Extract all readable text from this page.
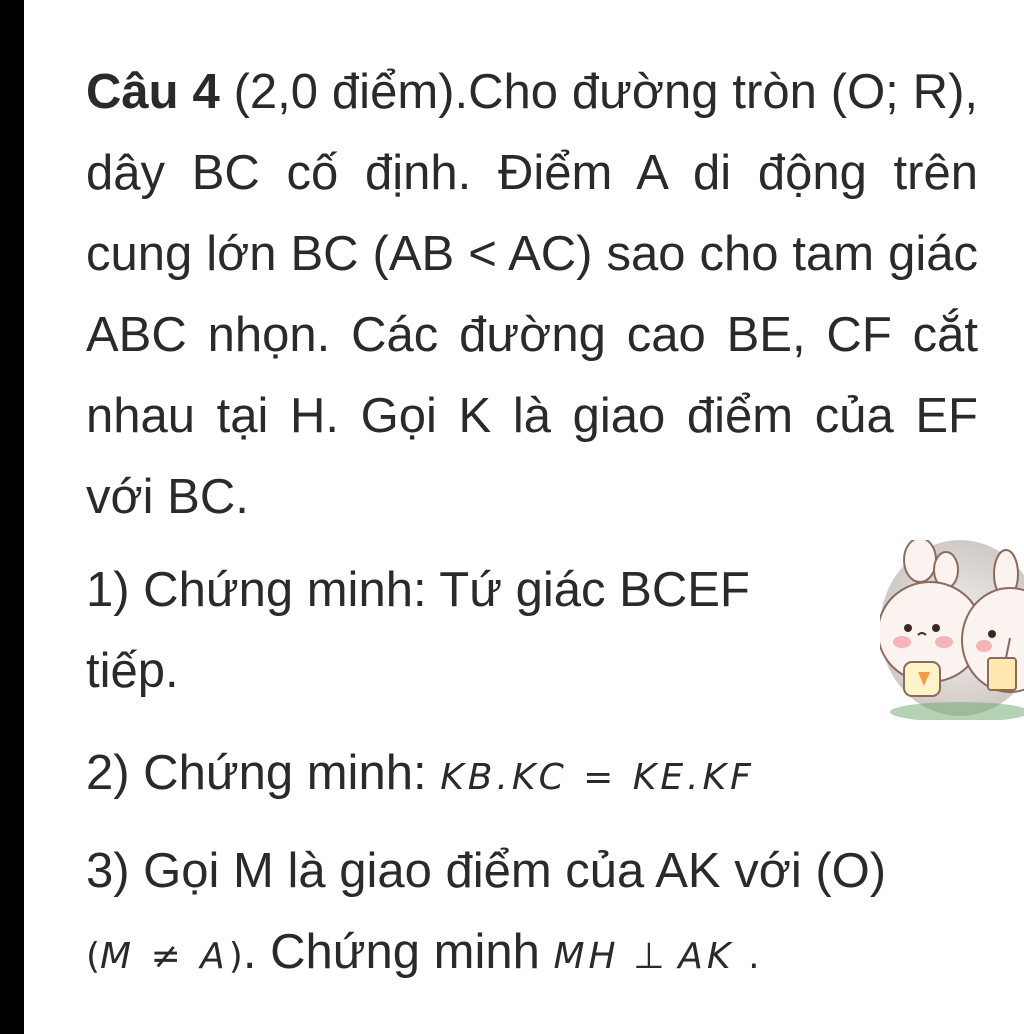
Câu 4 (2,0 điểm).Cho đường tròn (O; R), dây BC cố định. Điểm A di động trên cung lớn BC (AB < AC) sao cho tam giác ABC nhọn. Các đường cao BE, CF cắt nhau tại H. Gọi K là giao điểm của EF với BC.

1) Chứng minh: Tứ giác BCEF

tiếp.

2) Chứng minh: KB.KC = KE.KF

3) Gọi M là giao điểm của AK với (O)

(M ≠ A). Chứng minh MH ⊥ AK .
